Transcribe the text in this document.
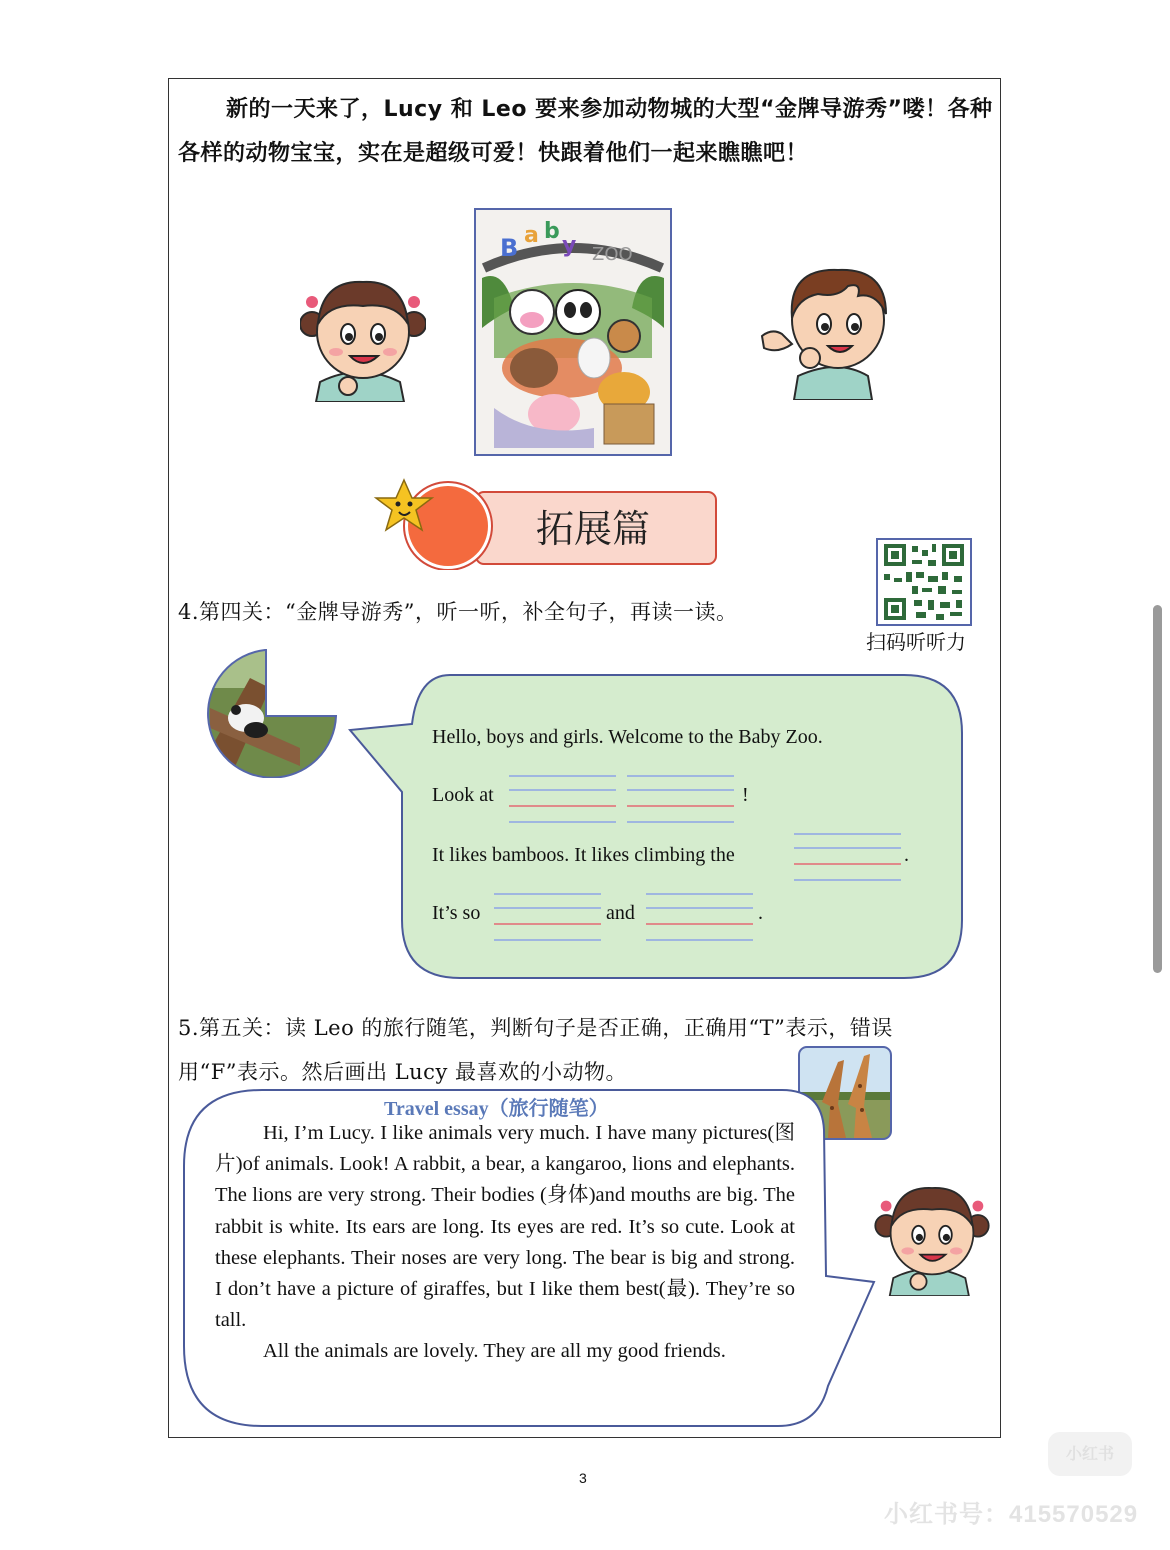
新的一天来了，Lucy 和 Leo 要来参加动物城的大型“金牌导游秀”喽！各种各样的动物宝宝，实在是超级可爱！快跟着他们一起来瞧瞧吧！
ZOO
B a b
y
拓展篇
扫码听听力
4.第四关：“金牌导游秀”，听一听，补全句子，再读一读。
Hello, boys and girls. Welcome to the Baby Zoo.
Look at	!
It likes bamboos. It likes climbing the	.
It’s so	and	.
5.第五关：读 Leo 的旅行随笔，判断句子是否正确，正确用“T”表示，错误
用“F”表示。然后画出 Lucy 最喜欢的小动物。
Travel essay（旅行随笔）

Hi, I’m Lucy. I like animals very much. I have many pictures(图片)of animals. Look! A rabbit, a bear, a kangaroo, lions and elephants. The lions are very strong. Their bodies (身体)and mouths are big. The rabbit is white. Its ears are long. Its eyes are red. It’s so cute. Look at these elephants. Their noses are very long. The bear is big and strong. I don’t have a picture of giraffes, but I like them best(最). They’re so tall.

All the animals are lovely. They are all my good friends.

3
小红书
小红书号：415570529
